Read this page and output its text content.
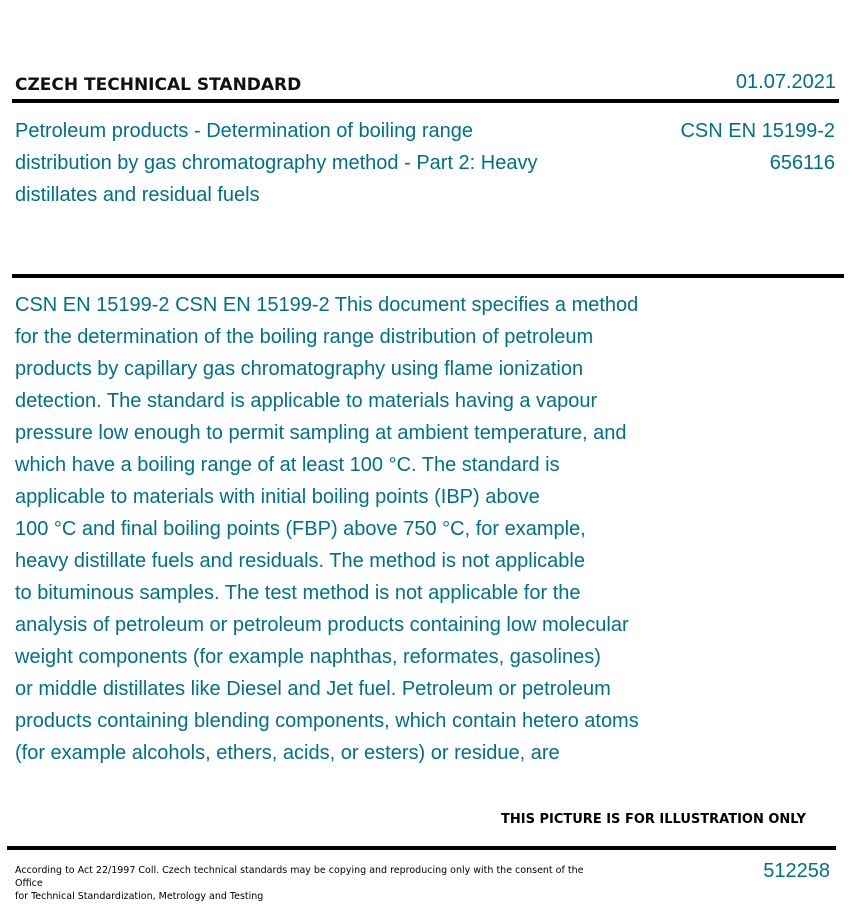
CZECH TECHNICAL STANDARD	01.07.2021
Petroleum products - Determination of boiling range distribution by gas chromatography method - Part 2: Heavy distillates and residual fuels
CSN EN 15199-2
656116
CSN EN 15199-2 CSN EN 15199-2 This document specifies a method
for the determination of the boiling range distribution of petroleum
products by capillary gas chromatography using flame ionization
detection. The standard is applicable to materials having a vapour
pressure low enough to permit sampling at ambient temperature, and
which have a boiling range of at least 100 °C. The standard is
applicable to materials with initial boiling points (IBP) above
100 °C and final boiling points (FBP) above 750 °C, for example,
heavy distillate fuels and residuals. The method is not applicable
to bituminous samples. The test method is not applicable for the
analysis of petroleum or petroleum products containing low molecular
weight components (for example naphthas, reformates, gasolines)
or middle distillates like Diesel and Jet fuel. Petroleum or petroleum
products containing blending components, which contain hetero atoms
(for example alcohols, ethers, acids, or esters) or residue, are
THIS PICTURE IS FOR ILLUSTRATION ONLY
According to Act 22/1997 Coll. Czech technical standards may be copying and reproducing only with the consent of the Office
for Technical Standardization, Metrology and Testing
512258
